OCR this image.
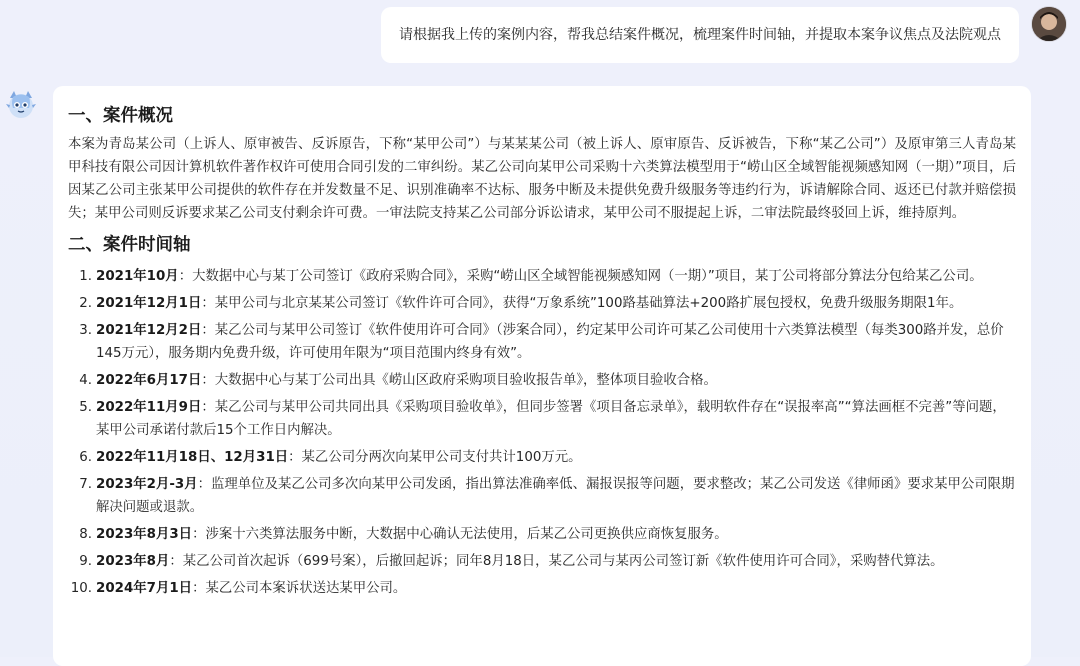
请根据我上传的案例内容，帮我总结案件概况，梳理案件时间轴，并提取本案争议焦点及法院观点
一、案件概况

本案为青岛某公司（上诉人、原审被告、反诉原告，下称“某甲公司”）与某某某公司（被上诉人、原审原告、反诉被告，下称“某乙公司”）及原审第三人青岛某甲科技有限公司因计算机软件著作权许可使用合同引发的二审纠纷。某乙公司向某甲公司采购十六类算法模型用于“崂山区全域智能视频感知网（一期）”项目，后因某乙公司主张某甲公司提供的软件存在并发数量不足、识别准确率不达标、服务中断及未提供免费升级服务等违约行为，诉请解除合同、返还已付款并赔偿损失；某甲公司则反诉要求某乙公司支付剩余许可费。一审法院支持某乙公司部分诉讼请求，某甲公司不服提起上诉，二审法院最终驳回上诉，维持原判。

二、案件时间轴
1. 2021年10月：大数据中心与某丁公司签订《政府采购合同》，采购“崂山区全域智能视频感知网（一期）”项目，某丁公司将部分算法分包给某乙公司。
2. 2021年12月1日：某甲公司与北京某某公司签订《软件许可合同》，获得“万象系统”100路基础算法+200路扩展包授权，免费升级服务期限1年。
3. 2021年12月2日：某乙公司与某甲公司签订《软件使用许可合同》（涉案合同），约定某甲公司许可某乙公司使用十六类算法模型（每类300路并发，总价145万元），服务期内免费升级，许可使用年限为“项目范围内终身有效”。
4. 2022年6月17日：大数据中心与某丁公司出具《崂山区政府采购项目验收报告单》，整体项目验收合格。
5. 2022年11月9日：某乙公司与某甲公司共同出具《采购项目验收单》，但同步签署《项目备忘录单》，载明软件存在“误报率高”“算法画框不完善”等问题，某甲公司承诺付款后15个工作日内解决。
6. 2022年11月18日、12月31日：某乙公司分两次向某甲公司支付共计100万元。
7. 2023年2月-3月：监理单位及某乙公司多次向某甲公司发函，指出算法准确率低、漏报误报等问题，要求整改；某乙公司发送《律师函》要求某甲公司限期解决问题或退款。
8. 2023年8月3日：涉案十六类算法服务中断，大数据中心确认无法使用，后某乙公司更换供应商恢复服务。
9. 2023年8月：某乙公司首次起诉（699号案），后撤回起诉；同年8月18日，某乙公司与某丙公司签订新《软件使用许可合同》，采购替代算法。
10. 2024年7月1日：某乙公司本案诉状送达某甲公司。
